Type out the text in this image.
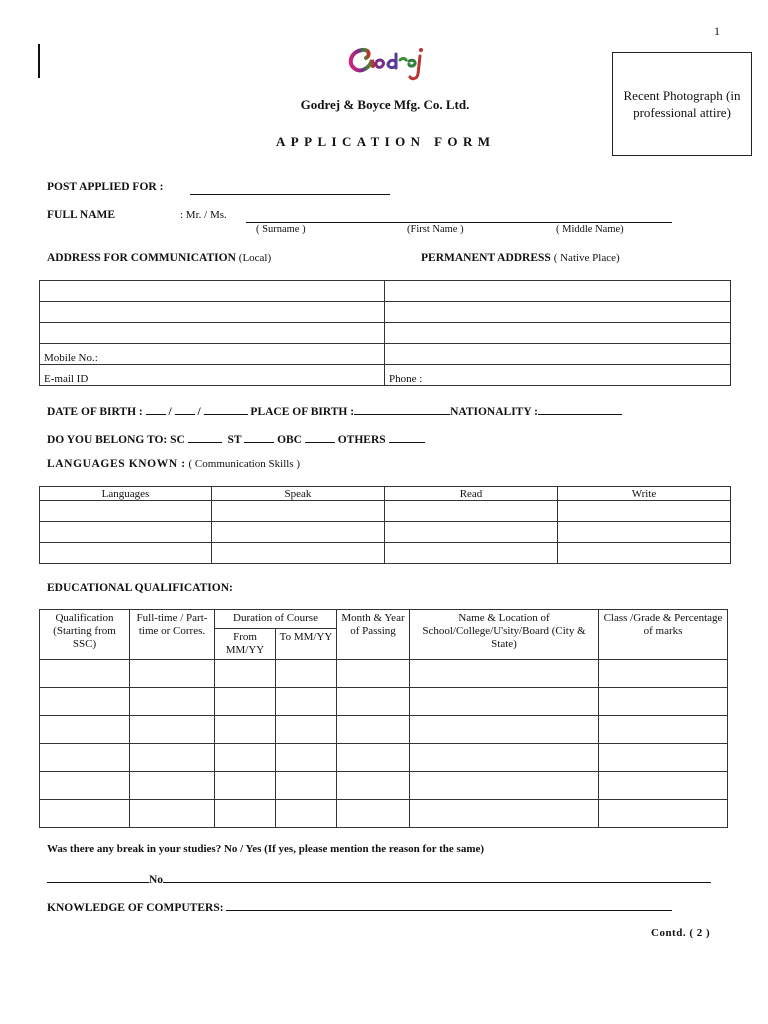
1
Godrej & Boyce Mfg. Co. Ltd.
APPLICATION FORM
Recent Photograph (in professional attire)
POST APPLIED FOR :
FULL NAME	: Mr. / Ms.
( Surname )	(First Name )	( Middle Name)
ADDRESS FOR COMMUNICATION (Local)	PERMANENT ADDRESS ( Native Place)

Mobile No.:	
E-mail ID	Phone :
DATE OF BIRTH : / /	PLACE OF BIRTH :	NATIONALITY :
DO YOU BELONG TO: SC	ST	OBC	OTHERS
LANGUAGES KNOWN : ( Communication Skills )
Languages	Speak	Read	Write

EDUCATIONAL QUALIFICATION:
Qualification (Starting from SSC)	Full-time / Part-time or Corres.	Duration of Course		Month & Year of Passing	Name & Location of School/College/U'sity/Board (City & State)	Class /Grade & Percentage of marks
		From MM/YY	To MM/YY			

Was there any break in your studies? No / Yes (If yes, please mention the reason for the same)
No
KNOWLEDGE OF COMPUTERS:
Contd. ( 2 )
